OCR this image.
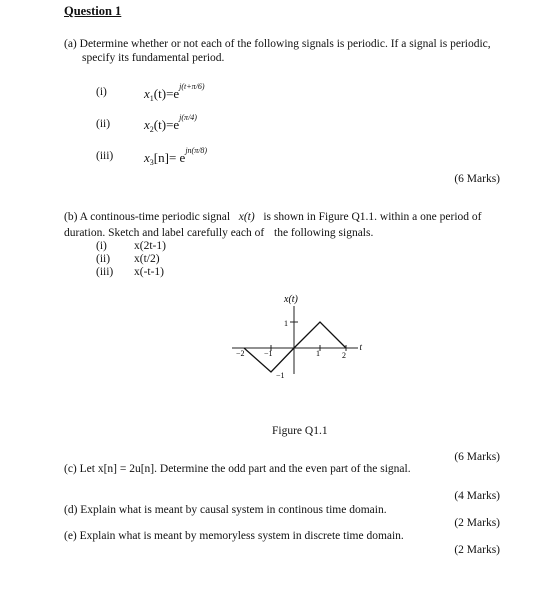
Question 1
(a) Determine whether or not each of the following signals is periodic. If a signal is periodic,
specify its fundamental period.
(i)	$x_1(t)=e^{j(t+\pi/6)}$
(ii)	$x_2(t)=e^{j(\pi/4)}$
(iii) $x_3[n]= e^{jn(\pi/8)}$
(6 Marks)
(b) A continous-time periodic signal x(t) is shown in Figure Q1.1. within a one period of
duration. Sketch and label carefully each of the following signals.
(i) x(2t-1)
(ii) x(t/2)
(iii) x(-t-1)
x(t)
t
1
−1
−2 −1	1	2
Figure Q1.1
(6 Marks)
(c) Let x[n] = 2u[n]. Determine the odd part and the even part of the signal.
(4 Marks)
(d) Explain what is meant by causal system in continous time domain.
(2 Marks)
(e) Explain what is meant by memoryless system in discrete time domain.
(2 Marks)
